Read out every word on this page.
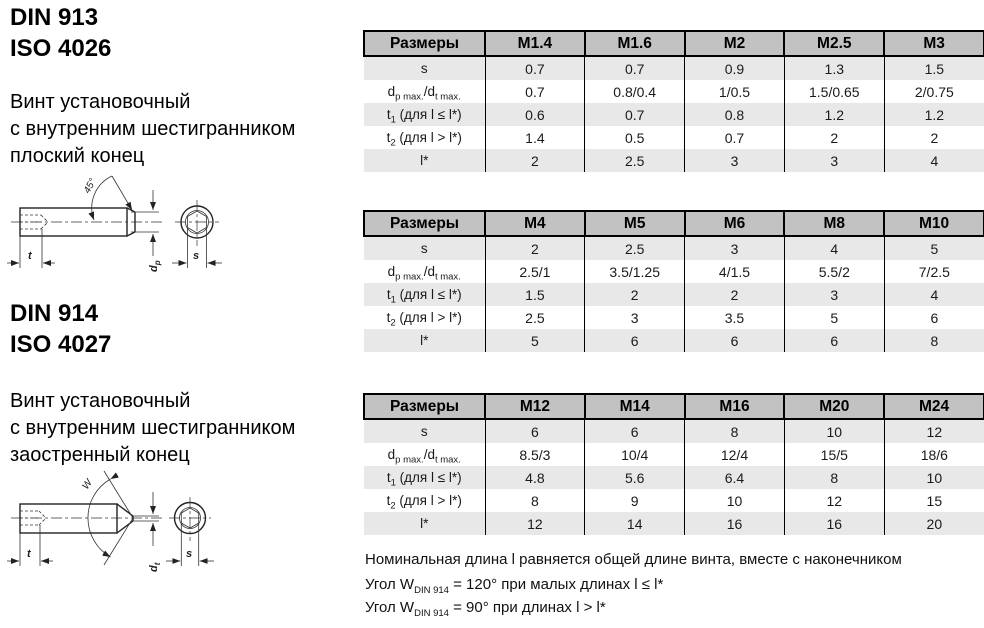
DIN 913
ISO 4026
Винт установочный
с внутренним шестигранником
плоский конец
45°
$d_p$
s
t
DIN 914
ISO 4027
Винт установочный
с внутренним шестигранником
заостренный конец
W
$d_t$
s
t
Размеры	M1.4	M1.6	M2	M2.5	M3
s	0.7	0.7	0.9	1.3	1.5
$d_{p max.}/d_{t max.}$	0.7	0.8/0.4	1/0.5	1.5/0.65	2/0.75
$t_1$ (для l ≤ l*)	0.6	0.7	0.8	1.2	1.2
$t_2$ (для l > l*)	1.4	0.5	0.7	2	2
l*	2	2.5	3	3	4
Размеры	M4	M5	M6	M8	M10
s	2	2.5	3	4	5
$d_{p max.}/d_{t max.}$	2.5/1	3.5/1.25	4/1.5	5.5/2	7/2.5
$t_1$ (для l ≤ l*)	1.5	2	2	3	4
$t_2$ (для l > l*)	2.5	3	3.5	5	6
l*	5	6	6	6	8
Размеры	M12	M14	M16	M20	M24
s	6	6	8	10	12
$d_{p max.}/d_{t max.}$	8.5/3	10/4	12/4	15/5	18/6
$t_1$ (для l ≤ l*)	4.8	5.6	6.4	8	10
$t_2$ (для l > l*)	8	9	10	12	15
l*	12	14	16	16	20
Номинальная длина l равняется общей длине винта, вместе с наконечником
Угол $W_{DIN 914} = 120^\circ$ при малых длинах l ≤ l*
Угол $W_{DIN 914} = 90^\circ$ при длинах l > l*
